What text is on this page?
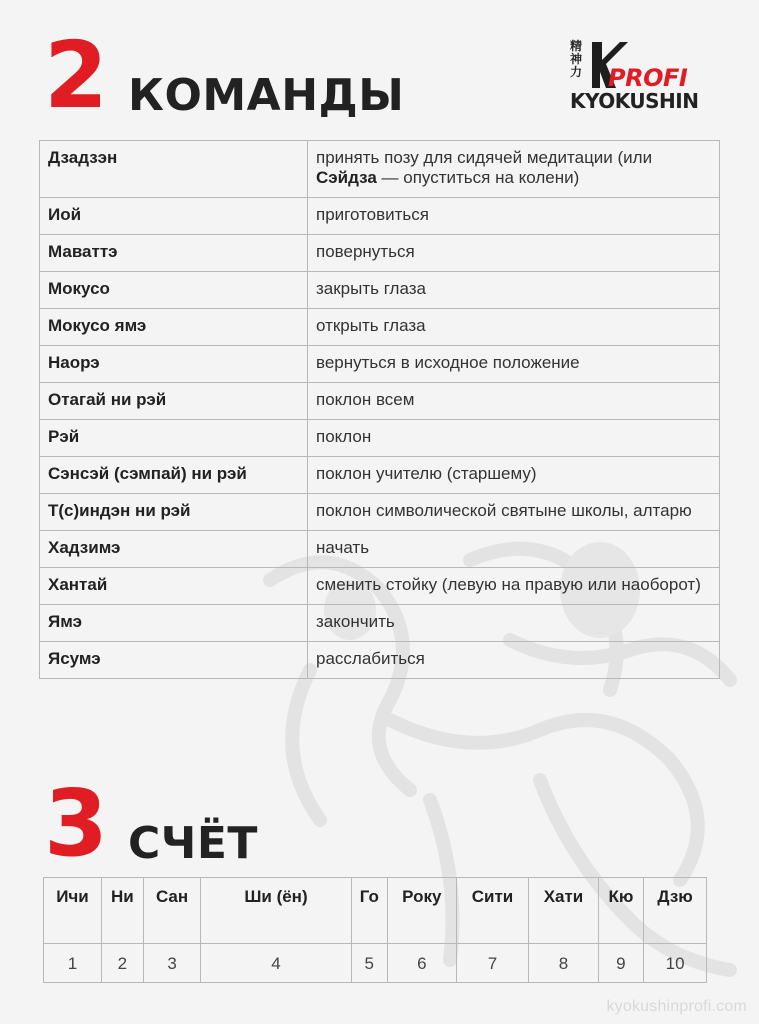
2 КОМАНДЫ
精神力 PROFI
KYOKUSHIN
Дзадзэн	принять позу для сидячей медитации (или Сэйдза — опуститься на колени)
Иой	приготовиться
Маваттэ	повернуться
Мокусо	закрыть глаза
Мокусо ямэ	открыть глаза
Наорэ	вернуться в исходное положение
Отагай ни рэй	поклон всем
Рэй	поклон
Сэнсэй (сэмпай) ни рэй	поклон учителю (старшему)
Т(с)индэн ни рэй	поклон символической святыне школы, алтарю
Хадзимэ	начать
Хантай	сменить стойку (левую на правую или наоборот)
Ямэ	закончить
Ясумэ	расслабиться
3 СЧЁТ
Ичи	Ни	Сан	Ши (ён)	Го	Року	Сити	Хати	Кю	Дзю
1	2	3	4	5	6	7	8	9	10
kyokushinprofi.com
